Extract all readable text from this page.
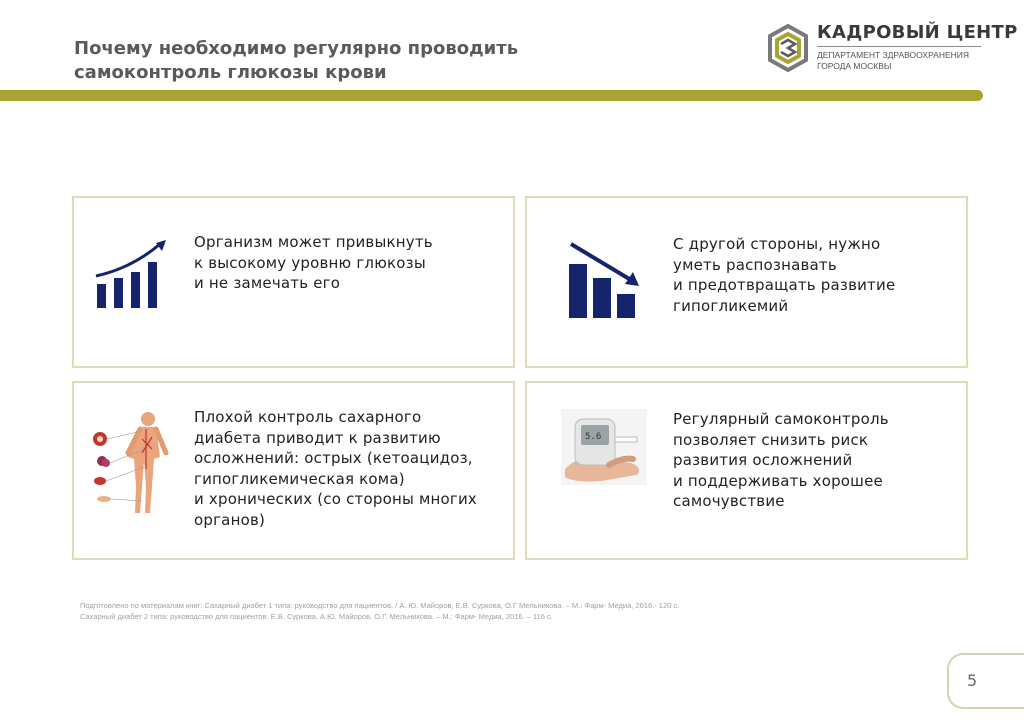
Почему необходимо регулярно проводить
самоконтроль глюкозы крови
КАДРОВЫЙ ЦЕНТР
ДЕПАРТАМЕНТ ЗДРАВООХРАНЕНИЯ
ГОРОДА МОСКВЫ
Организм может привыкнуть
к высокому уровню глюкозы
и не замечать его
С другой стороны, нужно
уметь распознавать
и предотвращать развитие
гипогликемий
Плохой контроль сахарного
диабета приводит к развитию
осложнений: острых (кетоацидоз,
гипогликемическая кома)
и хронических (со стороны многих
органов)
5.6
Регулярный самоконтроль
позволяет снизить риск
развития осложнений
и поддерживать хорошее
самочувствие
Подготовлено по материалам книг: Сахарный диабет 1 типа: руководство для пациентов. / А. Ю. Майоров, Е.В. Суркова, О.Г Мельникова. – М.: Фарм- Медиа, 2016.- 120 с.
Сахарный диабет 2 типа: руководство для пациентов. Е.В. Суркова, А.Ю. Майоров, О.Г. Мельникова. – М.: Фарм- Медиа, 2016. – 116 с.
5
